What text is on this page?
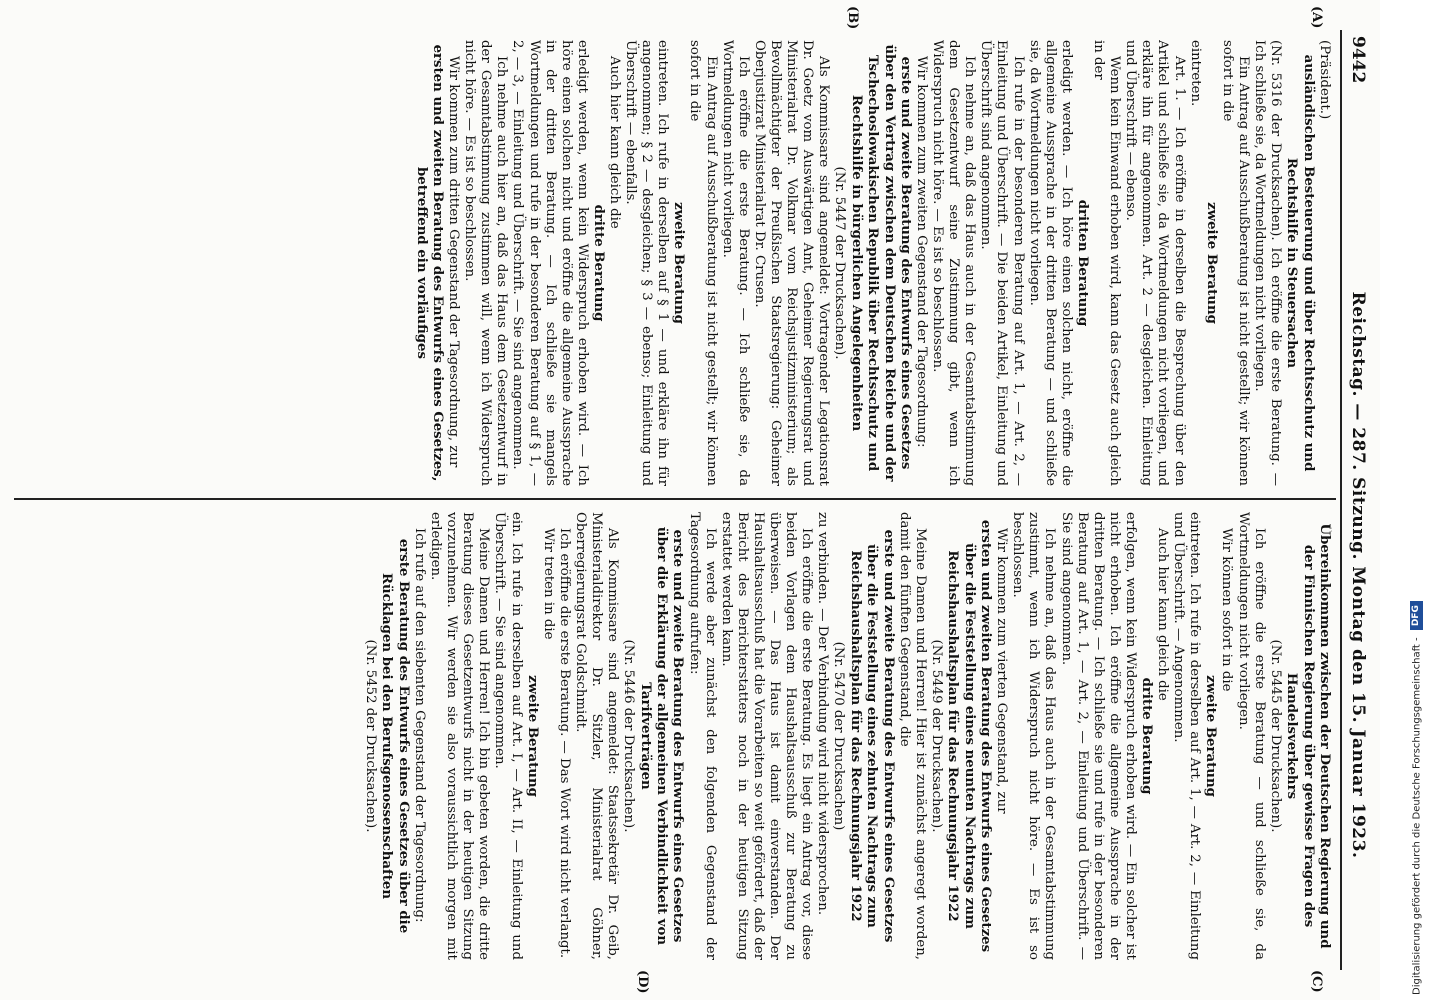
9442
Reichstag. — 287. Sitzung. Montag den 15. Januar 1923.
(A)
(B)
(C)
(D)

(Präsident.)

ausländischen Besteuerung und über Rechtsschutz und Rechtshilfe in Steuersachen

(Nr. 5316 der Drucksachen). Ich eröffne die erste Beratung. — Ich schließe sie, da Wortmeldungen nicht vorliegen.

Ein Antrag auf Ausschußberatung ist nicht gestellt; wir können sofort in die

zweite Beratung

eintreten.

Art. 1. — Ich eröffne in derselben die Besprechung über den Artikel und schließe sie, da Wortmeldungen nicht vorliegen, und erkläre ihn für angenommen. Art. 2 — desgleichen. Einleitung und Überschrift — ebenso.

Wenn kein Einwand erhoben wird, kann das Gesetz auch gleich in der

dritten Beratung

erledigt werden. — Ich höre einen solchen nicht, eröffne die allgemeine Aussprache in der dritten Beratung — und schließe sie, da Wortmeldungen nicht vorliegen.

Ich rufe in der besonderen Beratung auf Art. 1, — Art. 2, — Einleitung und Überschrift. — Die beiden Artikel, Einleitung und Überschrift sind angenommen.

Ich nehme an, daß das Haus auch in der Gesamtabstimmung dem Gesetzentwurf seine Zustimmung gibt, wenn ich Widerspruch nicht höre. — Es ist so beschlossen.

Wir kommen zum zweiten Gegenstand der Tagesordnung:

erste und zweite Beratung des Entwurfs eines Gesetzes über den Vertrag zwischen dem Deutschen Reiche und der Tschechoslowakischen Republik über Rechtsschutz und Rechtshilfe in bürgerlichen Angelegenheiten

(Nr. 5447 der Drucksachen).

Als Kommissare sind angemeldet: Vortragender Legationsrat Dr. Goetz vom Auswärtigen Amt, Geheimer Regierungsrat und Ministerialrat Dr. Volkmar vom Reichsjustizministerium; als Bevollmächtigter der Preußischen Staatsregierung: Geheimer Oberjustizrat Ministerialrat Dr. Crusen.

Ich eröffne die erste Beratung. — Ich schließe sie, da Wortmeldungen nicht vorliegen.

Ein Antrag auf Ausschußberatung ist nicht gestellt; wir können sofort in die

zweite Beratung

eintreten. Ich rufe in derselben auf § 1 — und erkläre ihn für angenommen; § 2 — desgleichen; § 3 — ebenso; Einleitung und Überschrift — ebenfalls.

Auch hier kann gleich die

dritte Beratung

erledigt werden, wenn kein Widerspruch erhoben wird. — Ich höre einen solchen nicht und eröffne die allgemeine Aussprache in der dritten Beratung. — Ich schließe sie mangels Wortmeldungen und rufe in der besonderen Beratung auf § 1, — 2, — 3, — Einleitung und Überschrift. — Sie sind angenommen.

Ich nehme auch hier an, daß das Haus dem Gesetzentwurf in der Gesamtabstimmung zustimmen will, wenn ich Widerspruch nicht höre. — Es ist so beschlossen.

Wir kommen zum dritten Gegenstand der Tagesordnung, zur

ersten und zweiten Beratung des Entwurfs eines Gesetzes, betreffend ein vorläufiges

Übereinkommen zwischen der Deutschen Regierung und der Finnischen Regierung über gewisse Fragen des Handelsverkehrs

(Nr. 5445 der Drucksachen).

Ich eröffne die erste Beratung — und schließe sie, da Wortmeldungen nicht vorliegen.

Wir können sofort in die

zweite Beratung

eintreten. Ich rufe in derselben auf Art. 1, — Art. 2, — Einleitung und Überschrift. — Angenommen.

Auch hier kann gleich die

dritte Beratung

erfolgen, wenn kein Widerspruch erhoben wird. — Ein solcher ist nicht erhoben. Ich eröffne die allgemeine Aussprache in der dritten Beratung. — Ich schließe sie und rufe in der besonderen Beratung auf Art. 1, — Art. 2, — Einleitung und Überschrift. — Sie sind angenommen.

Ich nehme an, daß das Haus auch in der Gesamtabstimmung zustimmt, wenn ich Widerspruch nicht höre. — Es ist so beschlossen.

Wir kommen zum vierten Gegenstand, zur

ersten und zweiten Beratung des Entwurfs eines Gesetzes über die Feststellung eines neunten Nachtrags zum Reichshaushaltsplan für das Rechnungsjahr 1922

(Nr. 5449 der Drucksachen).

Meine Damen und Herren! Hier ist zunächst angeregt worden, damit den fünften Gegenstand, die

erste und zweite Beratung des Entwurfs eines Gesetzes über die Feststellung eines zehnten Nachtrags zum Reichshaushaltsplan für das Rechnungsjahr 1922

(Nr. 5470 der Drucksachen)

zu verbinden. — Der Verbindung wird nicht widersprochen.

Ich eröffne die erste Beratung. Es liegt ein Antrag vor, diese beiden Vorlagen dem Haushaltsausschuß zur Beratung zu überweisen. — Das Haus ist damit einverstanden. Der Haushaltsausschuß hat die Vorarbeiten so weit gefördert, daß der Bericht des Berichterstatters noch in der heutigen Sitzung erstattet werden kann.

Ich werde aber zunächst den folgenden Gegenstand der Tagesordnung aufrufen:

erste und zweite Beratung des Entwurfs eines Gesetzes über die Erklärung der allgemeinen Verbindlichkeit von Tarifverträgen

(Nr. 5446 der Drucksachen).

Als Kommissare sind angemeldet: Staatssekretär Dr. Geib, Ministerialdirektor Dr. Sitzler, Ministerialrat Göhner, Oberregierungsrat Goldschmidt.

Ich eröffne die erste Beratung. — Das Wort wird nicht verlangt.

Wir treten in die

zweite Beratung

ein. Ich rufe in derselben auf Art. I, — Art. II, — Einleitung und Überschrift. — Sie sind angenommen.

Meine Damen und Herren! Ich bin gebeten worden, die dritte Beratung dieses Gesetzentwurfs nicht in der heutigen Sitzung vorzunehmen. Wir werden sie also voraussichtlich morgen mit erledigen.

Ich rufe auf den siebenten Gegenstand der Tagesordnung:

erste Beratung des Entwurfs eines Gesetzes über die Rücklagen bei den Berufsgenossenschaften

(Nr. 5452 der Drucksachen).	Digitalisierung gefördert durch die Deutsche Forschungsgemeinschaft - DFG
